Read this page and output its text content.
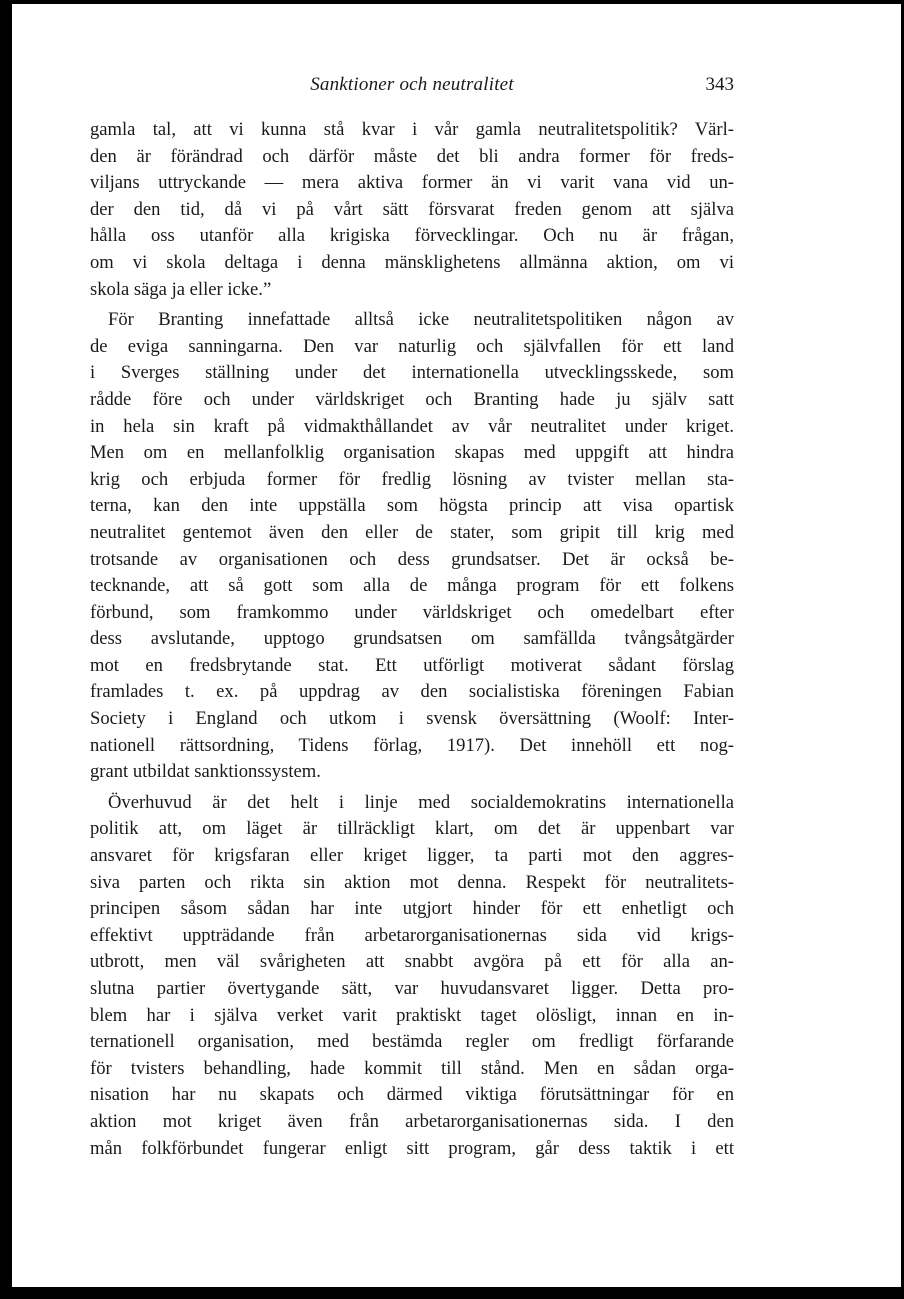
Sanktioner och neutralitet	343

gamla tal, att vi kunna stå kvar i vår gamla neutralitetspolitik? Värl-
den är förändrad och därför måste det bli andra former för freds-
viljans uttryckande — mera aktiva former än vi varit vana vid un-
der den tid, då vi på vårt sätt försvarat freden genom att själva
hålla oss utanför alla krigiska förvecklingar. Och nu är frågan,
om vi skola deltaga i denna mänsklighetens allmänna aktion, om vi
skola säga ja eller icke.”

För Branting innefattade alltså icke neutralitetspolitiken någon av
de eviga sanningarna. Den var naturlig och självfallen för ett land
i Sverges ställning under det internationella utvecklingsskede, som
rådde före och under världskriget och Branting hade ju själv satt
in hela sin kraft på vidmakthållandet av vår neutralitet under kriget.
Men om en mellanfolklig organisation skapas med uppgift att hindra
krig och erbjuda former för fredlig lösning av tvister mellan sta-
terna, kan den inte uppställa som högsta princip att visa opartisk
neutralitet gentemot även den eller de stater, som gripit till krig med
trotsande av organisationen och dess grundsatser. Det är också be-
tecknande, att så gott som alla de många program för ett folkens
förbund, som framkommo under världskriget och omedelbart efter
dess avslutande, upptogo grundsatsen om samfällda tvångsåtgärder
mot en fredsbrytande stat. Ett utförligt motiverat sådant förslag
framlades t. ex. på uppdrag av den socialistiska föreningen Fabian
Society i England och utkom i svensk översättning (Woolf: Inter-
nationell rättsordning, Tidens förlag, 1917). Det innehöll ett nog-
grant utbildat sanktionssystem.

Överhuvud är det helt i linje med socialdemokratins internationella
politik att, om läget är tillräckligt klart, om det är uppenbart var
ansvaret för krigsfaran eller kriget ligger, ta parti mot den aggres-
siva parten och rikta sin aktion mot denna. Respekt för neutralitets-
principen såsom sådan har inte utgjort hinder för ett enhetligt och
effektivt uppträdande från arbetarorganisationernas sida vid krigs-
utbrott, men väl svårigheten att snabbt avgöra på ett för alla an-
slutna partier övertygande sätt, var huvudansvaret ligger. Detta pro-
blem har i själva verket varit praktiskt taget olösligt, innan en in-
ternationell organisation, med bestämda regler om fredligt förfarande
för tvisters behandling, hade kommit till stånd. Men en sådan orga-
nisation har nu skapats och därmed viktiga förutsättningar för en
aktion mot kriget även från arbetarorganisationernas sida. I den
mån folkförbundet fungerar enligt sitt program, går dess taktik i ett
